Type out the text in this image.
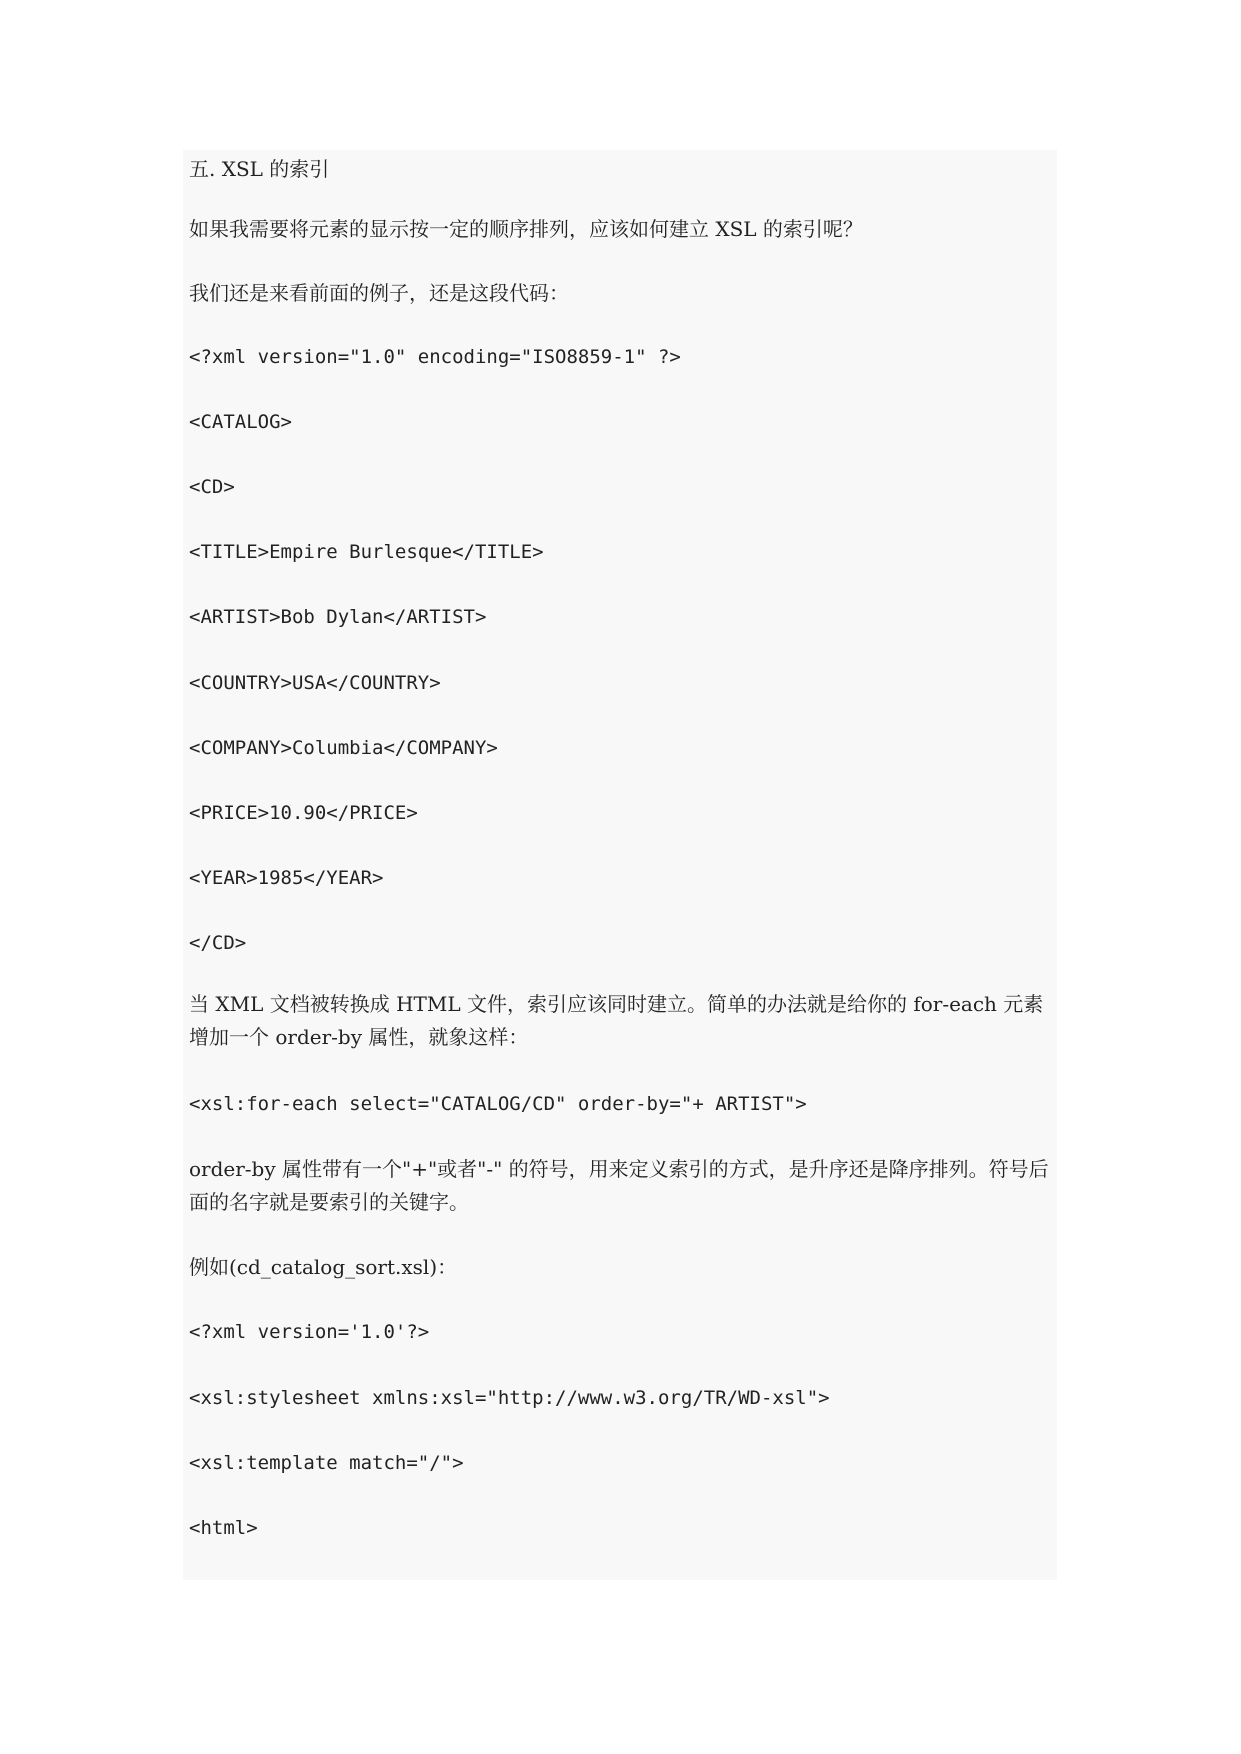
五. XSL 的索引

如果我需要将元素的显示按一定的顺序排列，应该如何建立 XSL 的索引呢？

我们还是来看前面的例子，还是这段代码：

<?xml version="1.0" encoding="ISO8859-1" ?>

<CATALOG>

<CD>

<TITLE>Empire Burlesque</TITLE>

<ARTIST>Bob Dylan</ARTIST>

<COUNTRY>USA</COUNTRY>

<COMPANY>Columbia</COMPANY>

<PRICE>10.90</PRICE>

<YEAR>1985</YEAR>

</CD>

当 XML 文档被转换成 HTML 文件，索引应该同时建立。简单的办法就是给你的 for-each 元素增加一个 order-by 属性，就象这样：

<xsl:for-each select="CATALOG/CD" order-by="+ ARTIST">

order-by 属性带有一个"+"或者"-" 的符号，用来定义索引的方式，是升序还是降序排列。符号后面的名字就是要索引的关键字。

例如(cd_catalog_sort.xsl)：

<?xml version='1.0'?>

<xsl:stylesheet xmlns:xsl="http://www.w3.org/TR/WD-xsl">

<xsl:template match="/">

<html>
